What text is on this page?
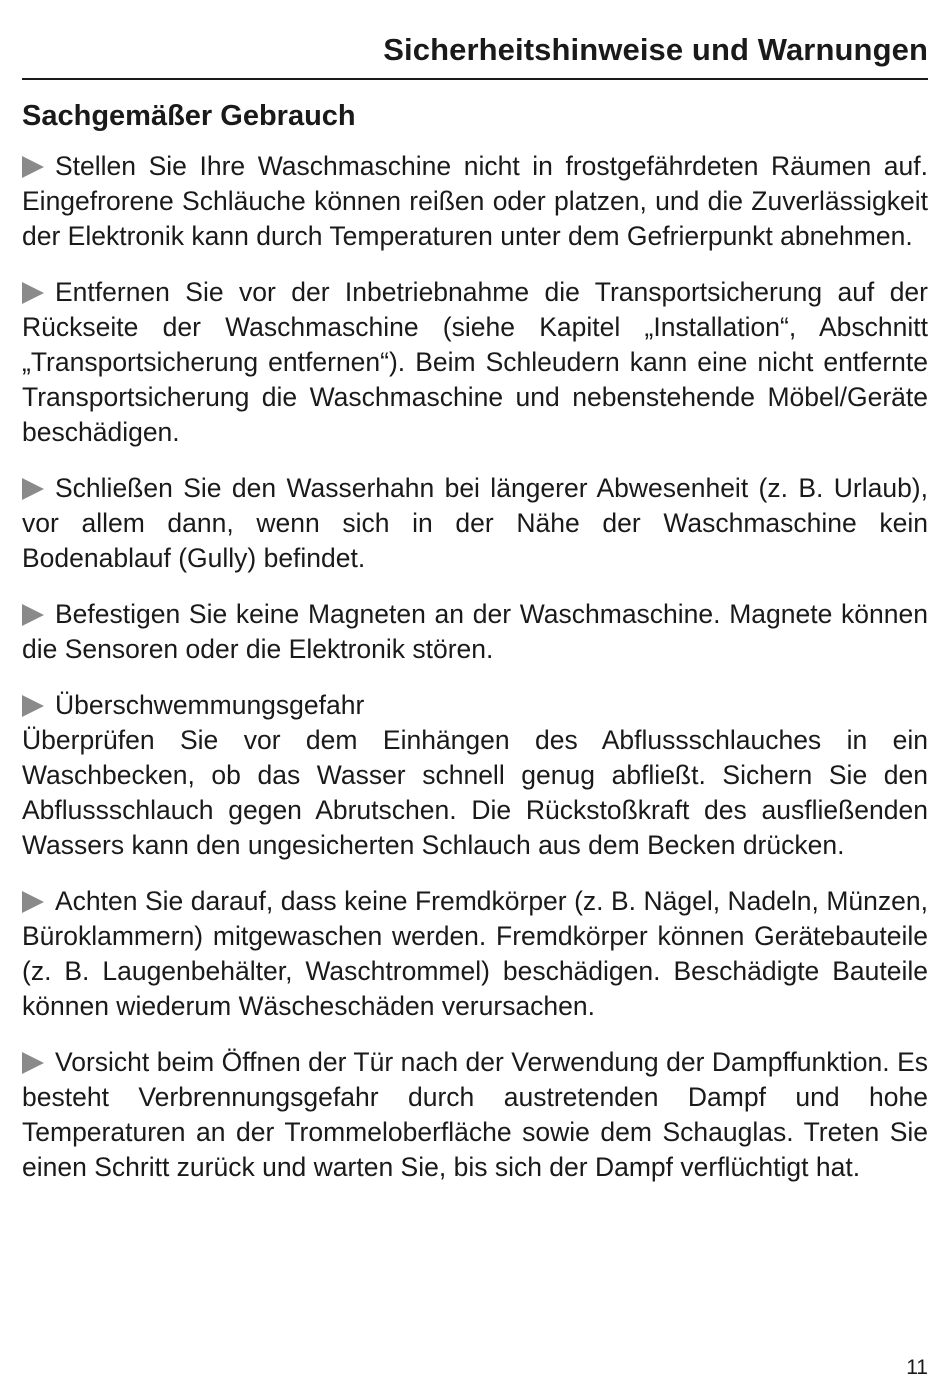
Sicherheitshinweise und Warnungen
Sachgemäßer Gebrauch

Stellen Sie Ihre Waschmaschine nicht in frostgefährdeten Räumen auf. Eingefrorene Schläuche können reißen oder platzen, und die Zuverlässigkeit der Elektronik kann durch Temperaturen unter dem Gefrierpunkt abnehmen.

Entfernen Sie vor der Inbetriebnahme die Transportsicherung auf der Rückseite der Waschmaschine (siehe Kapitel „Installation“, Abschnitt „Transportsicherung entfernen“). Beim Schleudern kann eine nicht entfernte Transportsicherung die Waschmaschine und nebenstehende Möbel/Geräte beschädigen.

Schließen Sie den Wasserhahn bei längerer Abwesenheit (z. B. Urlaub), vor allem dann, wenn sich in der Nähe der Waschmaschine kein Bodenablauf (Gully) befindet.

Befestigen Sie keine Magneten an der Waschmaschine. Magnete können die Sensoren oder die Elektronik stören.

Überschwemmungsgefahr
Überprüfen Sie vor dem Einhängen des Abflussschlauches in ein Waschbecken, ob das Wasser schnell genug abfließt. Sichern Sie den Abflussschlauch gegen Abrutschen. Die Rückstoßkraft des ausfließenden Wassers kann den ungesicherten Schlauch aus dem Becken drücken.

Achten Sie darauf, dass keine Fremdkörper (z. B. Nägel, Nadeln, Münzen, Büroklammern) mitgewaschen werden. Fremdkörper können Gerätebauteile (z. B. Laugenbehälter, Waschtrommel) beschädigen. Beschädigte Bauteile können wiederum Wäscheschäden verursachen.

Vorsicht beim Öffnen der Tür nach der Verwendung der Dampffunktion. Es besteht Verbrennungsgefahr durch austretenden Dampf und hohe Temperaturen an der Trommeloberfläche sowie dem Schauglas. Treten Sie einen Schritt zurück und warten Sie, bis sich der Dampf verflüchtigt hat.

11
